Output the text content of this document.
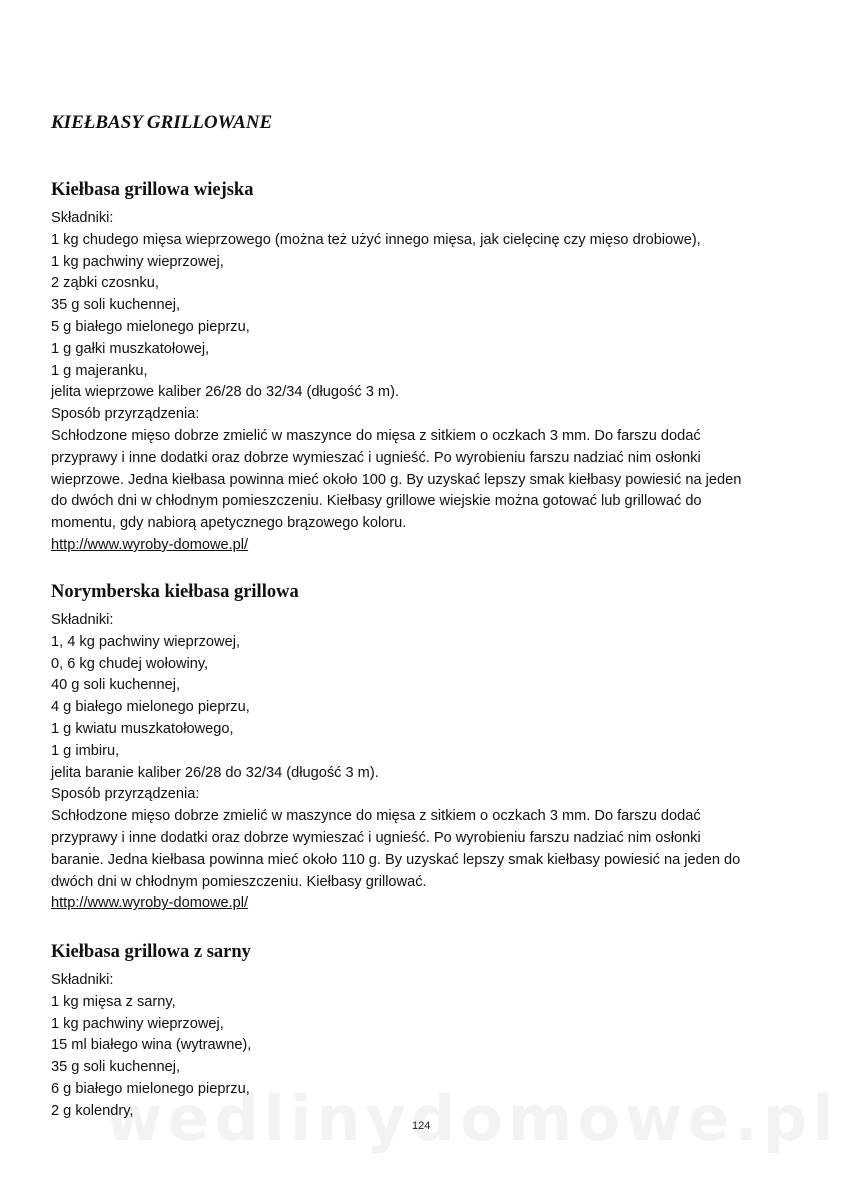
KIEŁBASY GRILLOWANE
Kiełbasa grillowa wiejska
Składniki:
1 kg chudego mięsa wieprzowego (można też użyć innego mięsa, jak cielęcinę czy mięso drobiowe),
1 kg pachwiny wieprzowej,
2 ząbki czosnku,
35 g soli kuchennej,
5 g białego mielonego pieprzu,
1 g gałki muszkatołowej,
1 g majeranku,
jelita wieprzowe kaliber 26/28 do 32/34 (długość 3 m).
Sposób przyrządzenia:
Schłodzone mięso dobrze zmielić w maszynce do mięsa z sitkiem o oczkach 3 mm. Do farszu dodać
przyprawy i inne dodatki oraz dobrze wymieszać i ugnieść. Po wyrobieniu farszu nadziać nim osłonki
wieprzowe. Jedna kiełbasa powinna mieć około 100 g. By uzyskać lepszy smak kiełbasy powiesić na jeden
do dwóch dni w chłodnym pomieszczeniu. Kiełbasy grillowe wiejskie można gotować lub grillować do
momentu, gdy nabiorą apetycznego brązowego koloru.
http://www.wyroby-domowe.pl/
Norymberska kiełbasa grillowa
Składniki:
1, 4 kg pachwiny wieprzowej,
0, 6 kg chudej wołowiny,
40 g soli kuchennej,
4 g białego mielonego pieprzu,
1 g kwiatu muszkatołowego,
1 g imbiru,
jelita baranie kaliber 26/28 do 32/34 (długość 3 m).
Sposób przyrządzenia:
Schłodzone mięso dobrze zmielić w maszynce do mięsa z sitkiem o oczkach 3 mm. Do farszu dodać
przyprawy i inne dodatki oraz dobrze wymieszać i ugnieść. Po wyrobieniu farszu nadziać nim osłonki
baranie. Jedna kiełbasa powinna mieć około 110 g. By uzyskać lepszy smak kiełbasy powiesić na jeden do
dwóch dni w chłodnym pomieszczeniu. Kiełbasy grillować.
http://www.wyroby-domowe.pl/
Kiełbasa grillowa z sarny
Składniki:
1 kg mięsa z sarny,
1 kg pachwiny wieprzowej,
15 ml białego wina (wytrawne),
35 g soli kuchennej,
6 g białego mielonego pieprzu,
2 g kolendry,
124
